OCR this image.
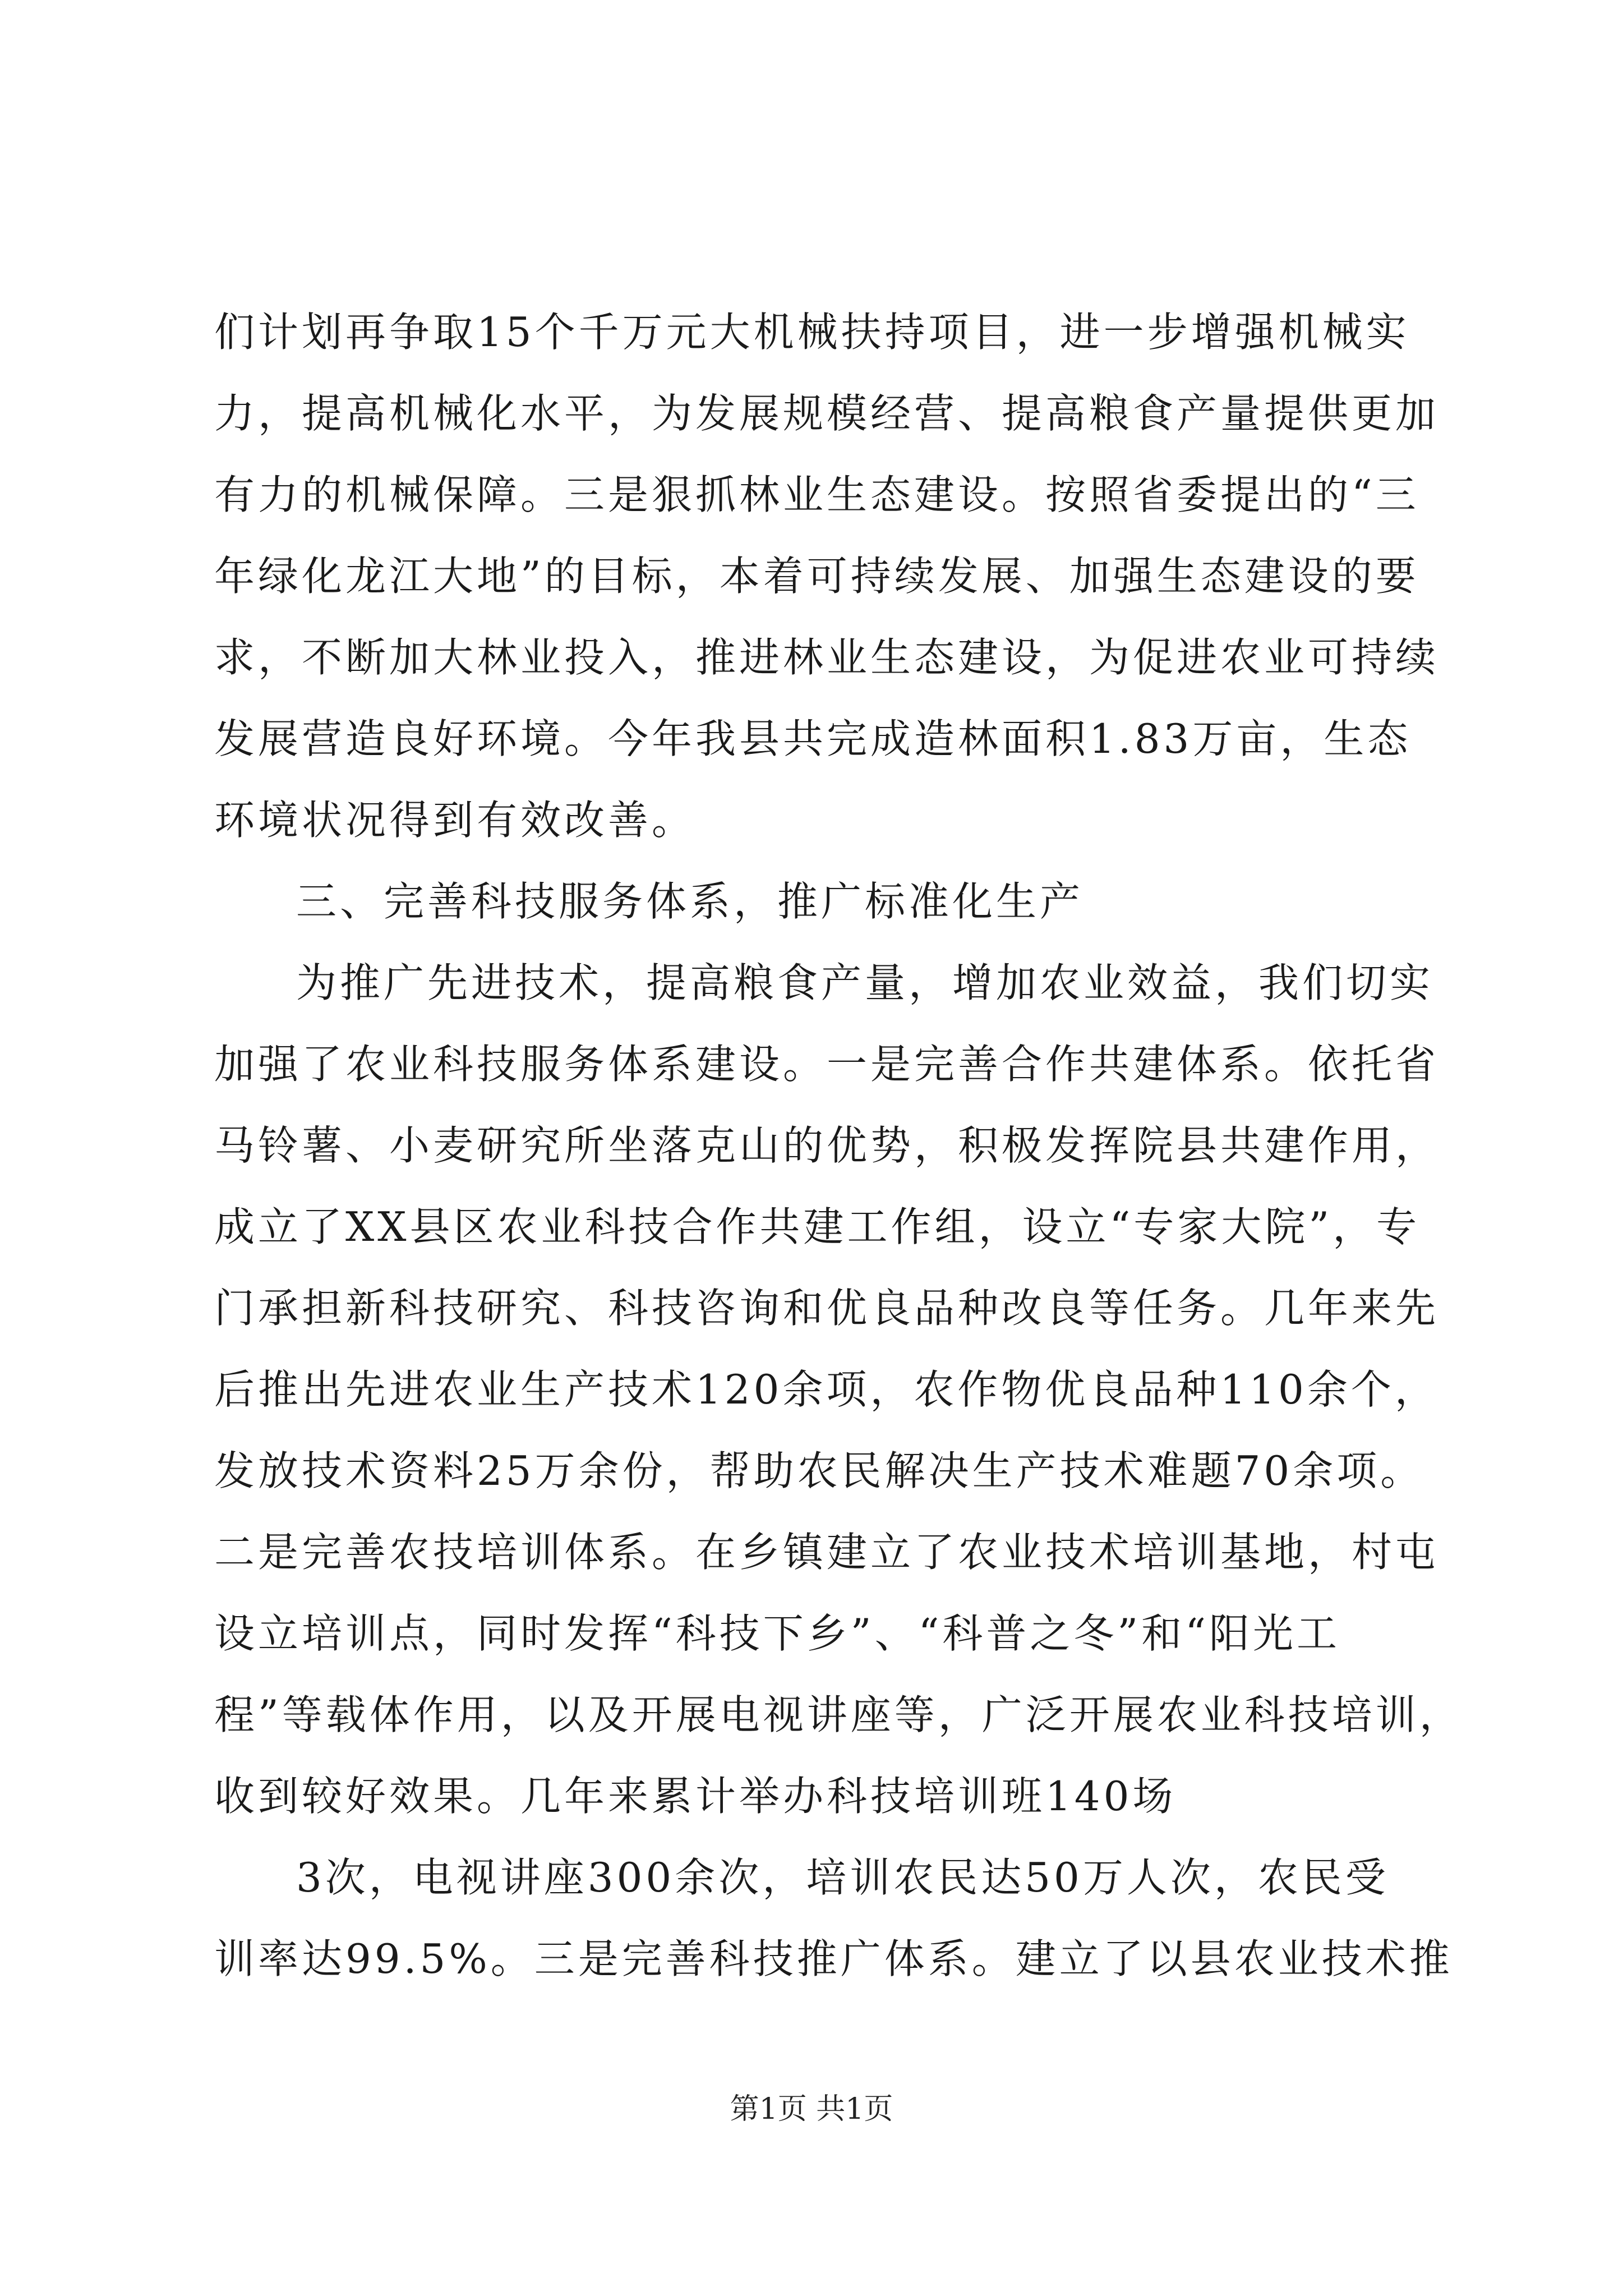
们计划再争取15个千万元大机械扶持项目，进一步增强机械实
力，提高机械化水平，为发展规模经营、提高粮食产量提供更加
有力的机械保障。三是狠抓林业生态建设。按照省委提出的“三
年绿化龙江大地”的目标，本着可持续发展、加强生态建设的要
求，不断加大林业投入，推进林业生态建设，为促进农业可持续
发展营造良好环境。今年我县共完成造林面积1.83万亩，生态
环境状况得到有效改善。
三、完善科技服务体系，推广标准化生产
为推广先进技术，提高粮食产量，增加农业效益，我们切实
加强了农业科技服务体系建设。一是完善合作共建体系。依托省
马铃薯、小麦研究所坐落克山的优势，积极发挥院县共建作用，
成立了XX县区农业科技合作共建工作组，设立“专家大院”，专
门承担新科技研究、科技咨询和优良品种改良等任务。几年来先
后推出先进农业生产技术120余项，农作物优良品种110余个，
发放技术资料25万余份，帮助农民解决生产技术难题70余项。
二是完善农技培训体系。在乡镇建立了农业技术培训基地，村屯
设立培训点，同时发挥“科技下乡”、“科普之冬”和“阳光工
程”等载体作用，以及开展电视讲座等，广泛开展农业科技培训，
收到较好效果。几年来累计举办科技培训班140场
3次，电视讲座300余次，培训农民达50万人次，农民受
训率达99.5%。三是完善科技推广体系。建立了以县农业技术推
第1页 共1页
